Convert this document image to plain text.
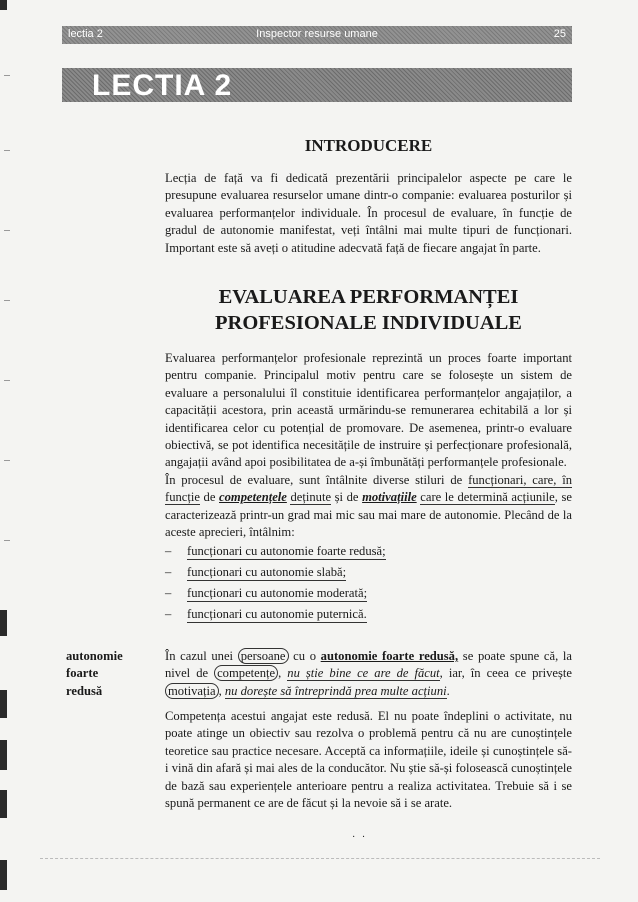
lectia 2	Inspector resurse umane	25
LECTIA 2
INTRODUCERE

Lecția de față va fi dedicată prezentării principalelor aspecte pe care le presupune evaluarea resurselor umane dintr-o companie: evaluarea posturilor și evaluarea performanțelor individuale. În procesul de evaluare, în funcție de gradul de autonomie manifestat, veți întâlni mai multe tipuri de funcționari. Important este să aveți o atitudine adecvată față de fiecare angajat în parte.

EVALUAREA PERFORMANȚEI
PROFESIONALE INDIVIDUALE

Evaluarea performanțelor profesionale reprezintă un proces foarte important pentru companie. Principalul motiv pentru care se folosește un sistem de evaluare a personalului îl constituie identificarea performanțelor angajaților, a capacității acestora, prin această urmărindu-se remunerarea echitabilă a lor și identificarea celor cu potențial de promovare. De asemenea, printr-o evaluare obiectivă, se pot identifica necesitățile de instruire și perfecționare profesională, angajații având apoi posibilitatea de a-și îmbunătăți performanțele profesionale.

În procesul de evaluare, sunt întâlnite diverse stiluri de funcționari, care, în funcție de competențele deținute și de motivațiile care le determină acțiunile, se caracterizează printr-un grad mai mic sau mai mare de autonomie. Plecând de la aceste aprecieri, întâlnim:

– funcționari cu autonomie foarte redusă;
– funcționari cu autonomie slabă;
– funcționari cu autonomie moderată;
– funcționari cu autonomie puternică.
autonomie
foarte
redusă

În cazul unei persoane cu o autonomie foarte redusă, se poate spune că, la nivel de competențe , nu știe bine ce are de făcut, iar, în ceea ce privește motivația , nu dorește să întreprindă prea multe acțiuni.

Competența acestui angajat este redusă. El nu poate îndeplini o activitate, nu poate atinge un obiectiv sau rezolva o problemă pentru că nu are cunoștințele teoretice sau practice necesare. Acceptă ca informațiile, ideile și cunoștințele să-i vină din afară și mai ales de la conducător. Nu știe să-și folosească cunoștințele de bază sau experiențele anterioare pentru a realiza activitatea. Trebuie să i se spună permanent ce are de făcut și la nevoie să i se arate.

· ·
